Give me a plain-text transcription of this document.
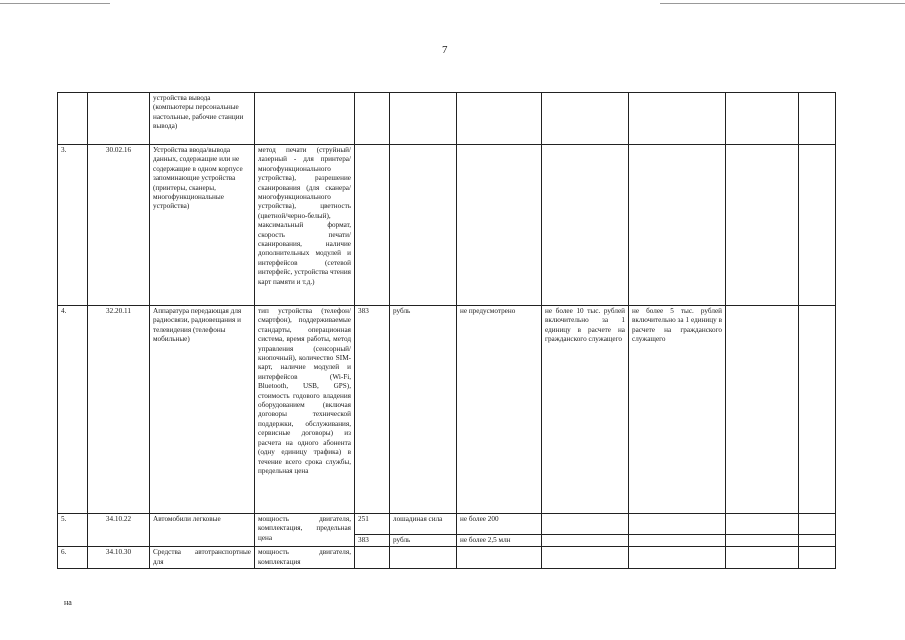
7
		устройства вывода (компьютеры персональные настольные, рабочие станции вывода)								
3.	30.02.16	Устройства ввода/вывода данных, содержащие или не содержащие в одном корпусе запоминающие устройства (принтеры, сканеры, многофункциональные устройства)	метод печати (струйный/лазерный - для принтера/многофункционального устройства), разрешение сканирования (для сканера/многофункционального устройства), цветность (цветной/черно-белый), максимальный формат, скорость печати/сканирования, наличие дополнительных модулей и интерфейсов (сетевой интерфейс, устройства чтения карт памяти и т.д.)							
4.	32.20.11	Аппаратура передающая для радиосвязи, радиовещания и телевидения (телефоны мобильные)	тип устройства (телефон/смартфон), поддерживаемые стандарты, операционная система, время работы, метод управления (сенсорный/кнопочный), количество SIM-карт, наличие модулей и интерфейсов (Wi-Fi, Bluetooth, USB, GPS), стоимость годового владения оборудованием (включая договоры технической поддержки, обслуживания, сервисные договоры) из расчета на одного абонента (одну единицу трафика) в течение всего срока службы, предельная цена	383	рубль	не предусмотрено	не более 10 тыс. рублей включительно за 1 единицу в расчете на гражданского служащего	не более 5 тыс. рублей включительно за 1 единицу в расчете на гражданского служащего		
5.	34.10.22	Автомобили легковые	мощность двигателя, комплектация, предельная цена	251	лошадиная сила	не более 200				
				383	рубль	не более 2,5 млн				
6.	34.10.30	Средства автотранспортные для	мощность двигателя, комплектация							
на
